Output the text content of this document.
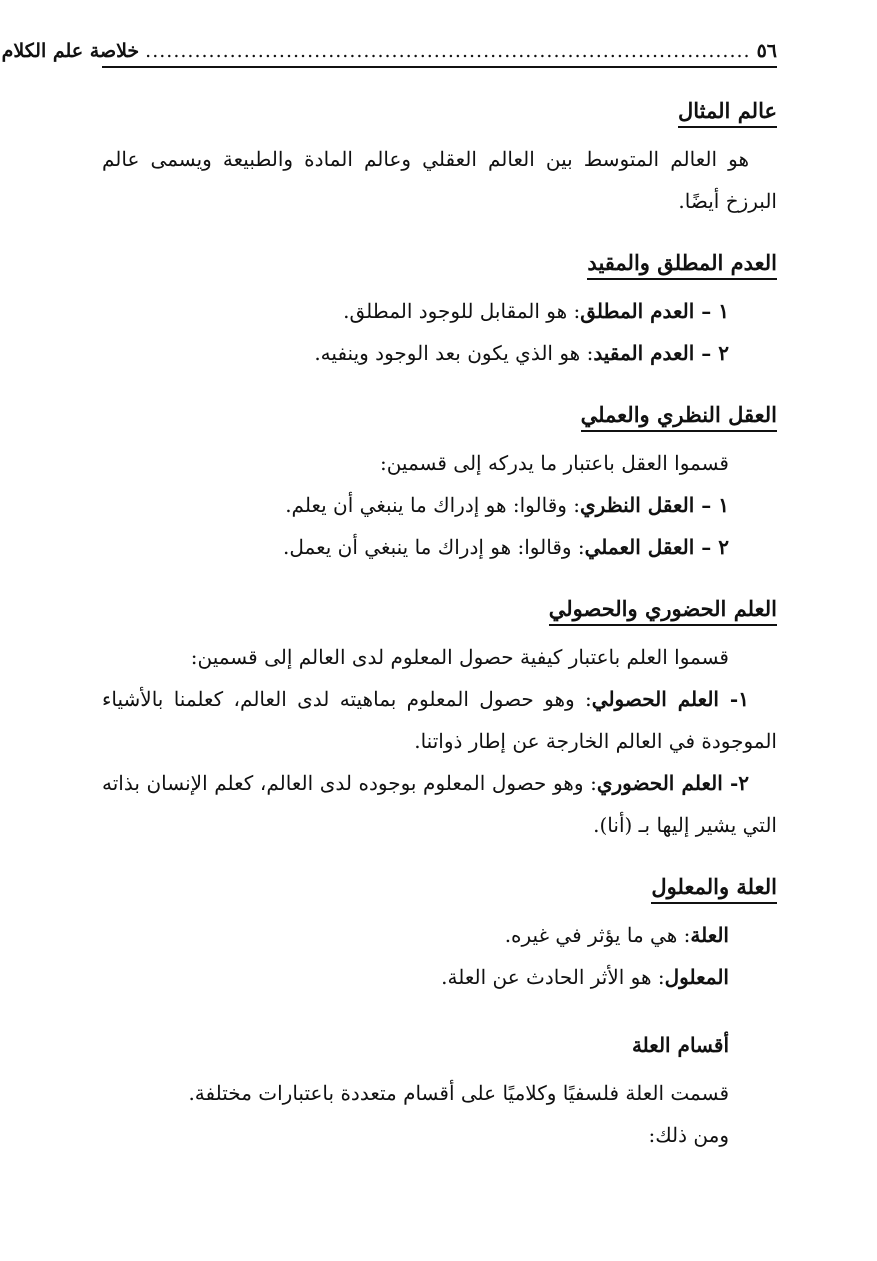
٥٦
......................................................................................
خلاصة علم الكلام
عالم المثال

هو العالم المتوسط بين العالم العقلي وعالم المادة والطبيعة ويسمى عالم البرزخ أيضًا.

العدم المطلق والمقيد

١ – العدم المطلق: هو المقابل للوجود المطلق.

٢ – العدم المقيد: هو الذي يكون بعد الوجود وينفيه.

العقل النظري والعملي

قسموا العقل باعتبار ما يدركه إلى قسمين:

١ – العقل النظري: وقالوا: هو إدراك ما ينبغي أن يعلم.

٢ – العقل العملي: وقالوا: هو إدراك ما ينبغي أن يعمل.

العلم الحضوري والحصولي

قسموا العلم باعتبار كيفية حصول المعلوم لدى العالم إلى قسمين:

١- العلم الحصولي: وهو حصول المعلوم بماهيته لدى العالم، كعلمنا بالأشياء الموجودة في العالم الخارجة عن إطار ذواتنا.

٢- العلم الحضوري: وهو حصول المعلوم بوجوده لدى العالم، كعلم الإنسان بذاته التي يشير إليها بـ (أنا).

العلة والمعلول

العلة: هي ما يؤثر في غيره.

المعلول: هو الأثر الحادث عن العلة.

أقسام العلة

قسمت العلة فلسفيًا وكلاميًا على أقسام متعددة باعتبارات مختلفة.

ومن ذلك:
